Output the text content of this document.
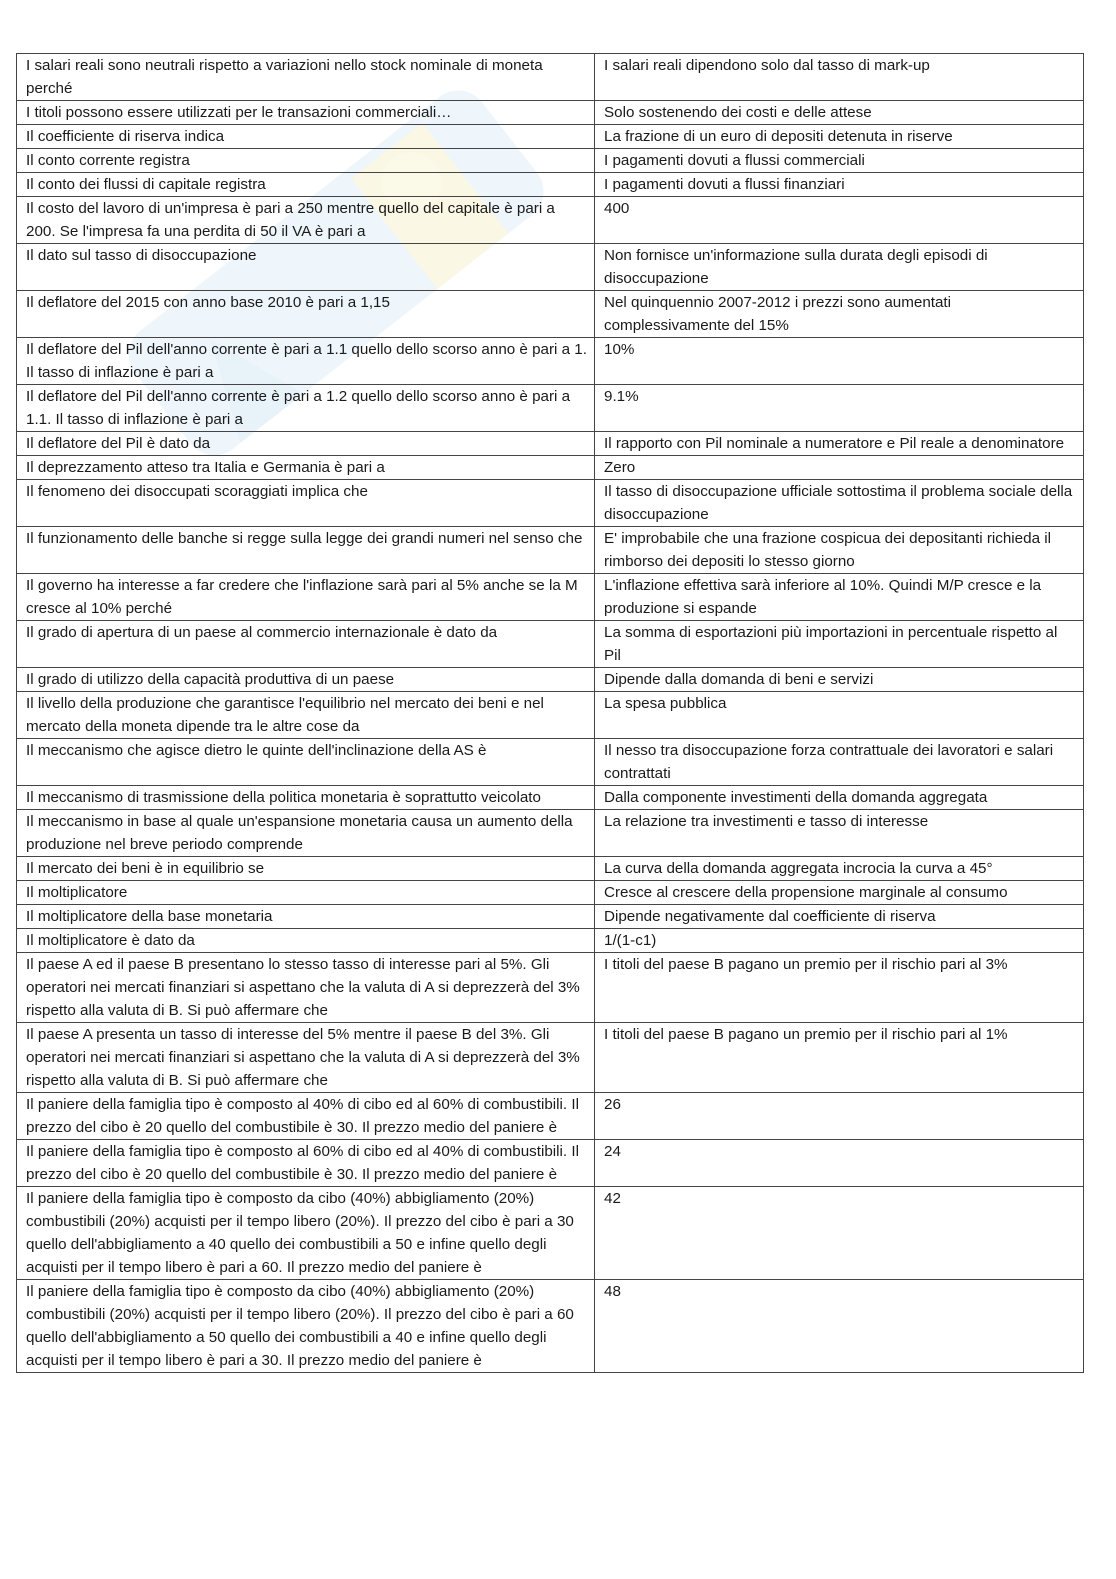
I salari reali sono neutrali rispetto a variazioni nello stock nominale di moneta perché	I salari reali dipendono solo dal tasso di mark-up
I titoli possono essere utilizzati per le transazioni commerciali…	Solo sostenendo dei costi e delle attese
Il coefficiente di riserva indica	La frazione di un euro di depositi detenuta in riserve
Il conto corrente registra	I pagamenti dovuti a flussi commerciali
Il conto dei flussi di capitale registra	I pagamenti dovuti a flussi finanziari
Il costo del lavoro di un'impresa è pari a 250 mentre quello del capitale è pari a 200. Se l'impresa fa una perdita di 50 il VA è pari a	400
Il dato sul tasso di disoccupazione	Non fornisce un'informazione sulla durata degli episodi di disoccupazione
Il deflatore del 2015 con anno base 2010 è pari a 1,15	Nel quinquennio 2007-2012 i prezzi sono aumentati complessivamente del 15%
Il deflatore del Pil dell'anno corrente è pari a 1.1 quello dello scorso anno è pari a 1. Il tasso di inflazione è pari a	10%
Il deflatore del Pil dell'anno corrente è pari a 1.2 quello dello scorso anno è pari a 1.1. Il tasso di inflazione è pari a	9.1%
Il deflatore del Pil è dato da	Il rapporto con Pil nominale a numeratore e Pil reale a denominatore
Il deprezzamento atteso tra Italia e Germania è pari a	Zero
Il fenomeno dei disoccupati scoraggiati implica che	Il tasso di disoccupazione ufficiale sottostima il problema sociale della disoccupazione
Il funzionamento delle banche si regge sulla legge dei grandi numeri nel senso che	E' improbabile che una frazione cospicua dei depositanti richieda il rimborso dei depositi lo stesso giorno
Il governo ha interesse a far credere che l'inflazione sarà pari al 5% anche se la M cresce al 10% perché	L'inflazione effettiva sarà inferiore al 10%. Quindi M/P cresce e la produzione si espande
Il grado di apertura di un paese al commercio internazionale è dato da	La somma di esportazioni più importazioni in percentuale rispetto al Pil
Il grado di utilizzo della capacità produttiva di un paese	Dipende dalla domanda di beni e servizi
Il livello della produzione che garantisce l'equilibrio nel mercato dei beni e nel mercato della moneta dipende tra le altre cose da	La spesa pubblica
Il meccanismo che agisce dietro le quinte dell'inclinazione della AS è	Il nesso tra disoccupazione forza contrattuale dei lavoratori e salari contrattati
Il meccanismo di trasmissione della politica monetaria è soprattutto veicolato	Dalla componente investimenti della domanda aggregata
Il meccanismo in base al quale un'espansione monetaria causa un aumento della produzione nel breve periodo comprende	La relazione tra investimenti e tasso di interesse
Il mercato dei beni è in equilibrio se	La curva della domanda aggregata incrocia la curva a 45°
Il moltiplicatore	Cresce al crescere della propensione marginale al consumo
Il moltiplicatore della base monetaria	Dipende negativamente dal coefficiente di riserva
Il moltiplicatore è dato da	1/(1-c1)
Il paese A ed il paese B presentano lo stesso tasso di interesse pari al 5%. Gli operatori nei mercati finanziari si aspettano che la valuta di A si deprezzerà del 3% rispetto alla valuta di B. Si può affermare che	I titoli del paese B pagano un premio per il rischio pari al 3%
Il paese A presenta un tasso di interesse del 5% mentre il paese B del 3%. Gli operatori nei mercati finanziari si aspettano che la valuta di A si deprezzerà del 3% rispetto alla valuta di B. Si può affermare che	I titoli del paese B pagano un premio per il rischio pari al 1%
Il paniere della famiglia tipo è composto al 40% di cibo ed al 60% di combustibili. Il prezzo del cibo è 20 quello del combustibile è 30. Il prezzo medio del paniere è	26
Il paniere della famiglia tipo è composto al 60% di cibo ed al 40% di combustibili. Il prezzo del cibo è 20 quello del combustibile è 30. Il prezzo medio del paniere è	24
Il paniere della famiglia tipo è composto da cibo (40%) abbigliamento (20%) combustibili (20%) acquisti per il tempo libero (20%). Il prezzo del cibo è pari a 30 quello dell'abbigliamento a 40 quello dei combustibili a 50 e infine quello degli acquisti per il tempo libero è pari a 60. Il prezzo medio del paniere è	42
Il paniere della famiglia tipo è composto da cibo (40%) abbigliamento (20%) combustibili (20%) acquisti per il tempo libero (20%). Il prezzo del cibo è pari a 60 quello dell'abbigliamento a 50 quello dei combustibili a 40 e infine quello degli acquisti per il tempo libero è pari a 30. Il prezzo medio del paniere è	48
